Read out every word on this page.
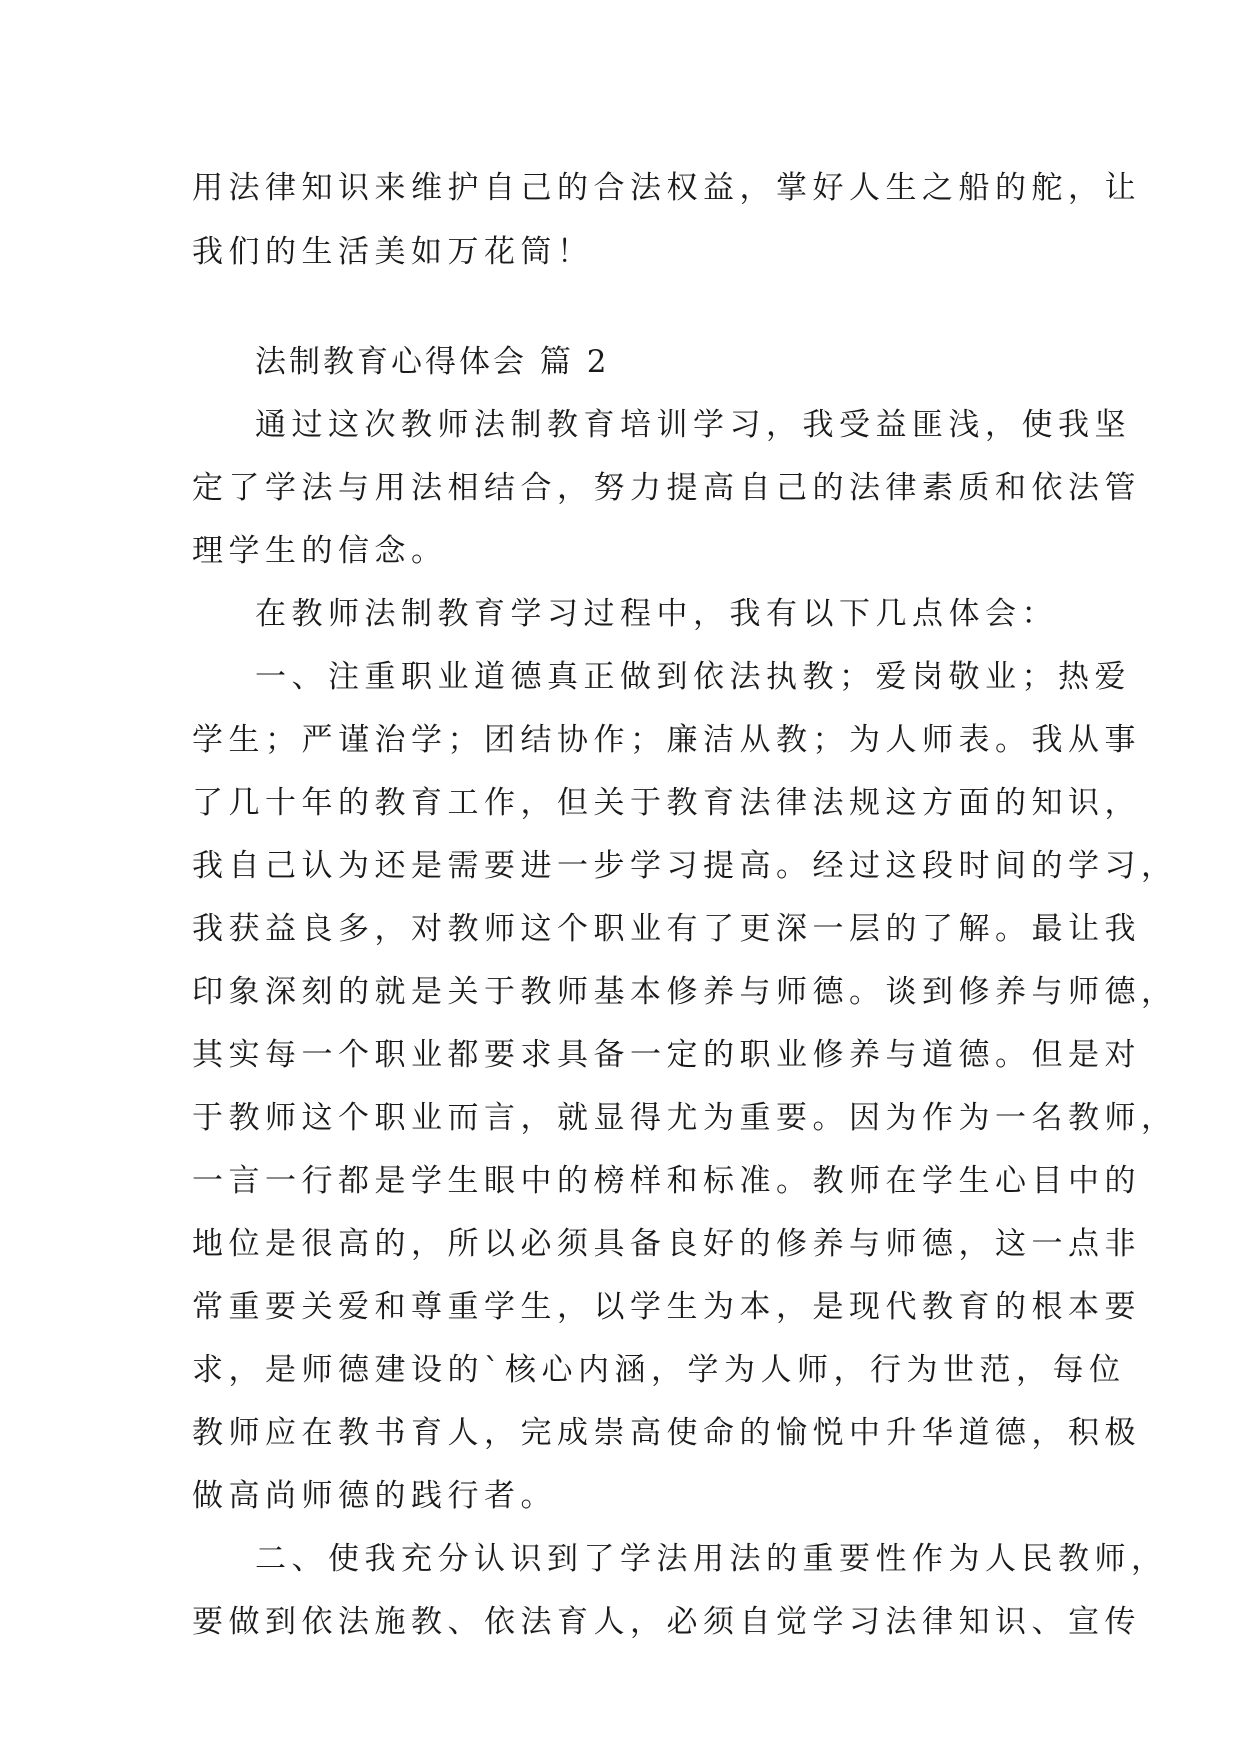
用法律知识来维护自己的合法权益，掌好人生之船的舵，让
我们的生活美如万花筒！
法制教育心得体会 篇 2
通过这次教师法制教育培训学习，我受益匪浅，使我坚
定了学法与用法相结合，努力提高自己的法律素质和依法管
理学生的信念。
在教师法制教育学习过程中，我有以下几点体会：
一、注重职业道德真正做到依法执教；爱岗敬业；热爱
学生；严谨治学；团结协作；廉洁从教；为人师表。我从事
了几十年的教育工作，但关于教育法律法规这方面的知识，
我自己认为还是需要进一步学习提高。经过这段时间的学习，
我获益良多，对教师这个职业有了更深一层的了解。最让我
印象深刻的就是关于教师基本修养与师德。谈到修养与师德，
其实每一个职业都要求具备一定的职业修养与道德。但是对
于教师这个职业而言，就显得尤为重要。因为作为一名教师，
一言一行都是学生眼中的榜样和标准。教师在学生心目中的
地位是很高的，所以必须具备良好的修养与师德，这一点非
常重要关爱和尊重学生，以学生为本，是现代教育的根本要
求，是师德建设的`核心内涵，学为人师，行为世范，每位
教师应在教书育人，完成崇高使命的愉悦中升华道德，积极
做高尚师德的践行者。
二、使我充分认识到了学法用法的重要性作为人民教师，
要做到依法施教、依法育人，必须自觉学习法律知识、宣传
